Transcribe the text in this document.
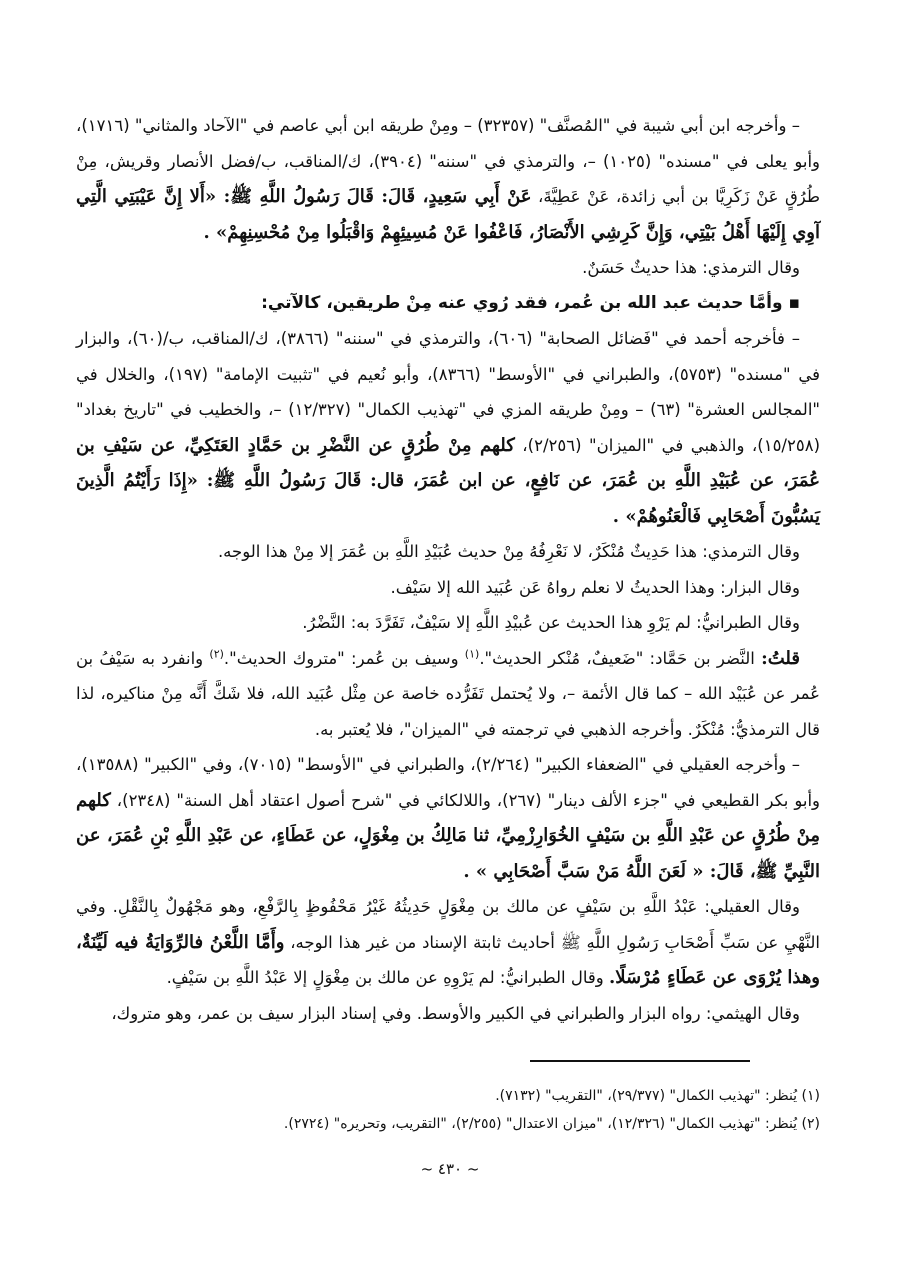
– وأخرجه ابن أبي شيبة في "المُصنَّف" (٣٢٣٥٧) – ومِنْ طريقه ابن أبي عاصم في "الآحاد والمثاني" (١٧١٦)، وأبو يعلى في "مسنده" (١٠٢٥) –، والترمذي في "سننه" (٣٩٠٤)، ك/المناقب، ب/فضل الأنصار وقريش، مِنْ طُرُقٍ عَنْ زَكَرِيَّا بن أبي زائدة، عَنْ عَطِيَّةَ، عَنْ أَبِي سَعِيدٍ، قَالَ: قَالَ رَسُولُ اللَّهِ ﷺ: «أَلا إِنَّ عَيْبَتِي الَّتِي آوِي إِلَيْهَا أَهْلُ بَيْتِي، وَإِنَّ كَرِشِي الأَنْصَارُ، فَاعْفُوا عَنْ مُسِيئِهِمْ وَاقْبَلُوا مِنْ مُحْسِنِهِمْ» .

وقال الترمذي: هذا حديثٌ حَسَنٌ.

▪ وأمَّا حديث عبد الله بن عُمر، فقد رُوي عنه مِنْ طريقين، كالآتي:

– فأخرجه أحمد في "فَضائل الصحابة" (٦٠٦)، والترمذي في "سننه" (٣٨٦٦)، ك/المناقب، ب/(٦٠)، والبزار في "مسنده" (٥٧٥٣)، والطبراني في "الأوسط" (٨٣٦٦)، وأبو نُعيم في "تثبيت الإمامة" (١٩٧)، والخلال في "المجالس العشرة" (٦٣) – ومِنْ طريقه المزي في "تهذيب الكمال" (١٢/٣٢٧) –، والخطيب في "تاريخ بغداد" (١٥/٢٥٨)، والذهبي في "الميزان" (٢/٢٥٦)، كلهم مِنْ طُرُقٍ عن النَّضْرِ بن حَمَّادٍ العَتَكِيِّ، عن سَيْفِ بن عُمَرَ، عن عُبَيْدِ اللَّهِ بن عُمَرَ، عن نَافِعٍ، عن ابن عُمَرَ، قال: قَالَ رَسُولُ اللَّهِ ﷺ: «إِذَا رَأَيْتُمُ الَّذِينَ يَسُبُّونَ أَصْحَابِي فَالْعَنُوهُمْ» .

وقال الترمذي: هذا حَدِيثٌ مُنْكَرٌ، لا نَعْرِفُهُ مِنْ حديث عُبَيْدِ اللَّهِ بن عُمَرَ إلا مِنْ هذا الوجه.

وقال البزار: وهذا الحديثُ لا نعلم رواهُ عَن عُبَيد الله إلا سَيْف.

وقال الطبرانيُّ: لم يَرْوِ هذا الحديث عن عُبيْدِ اللَّهِ إلا سَيْفٌ، تَفَرَّدَ به: النَّضْرُ.

قلتُ: النَّضر بن حَمَّاد: "ضَعيفٌ، مُنْكر الحديث".$^{(١)}$ وسيف بن عُمر: "متروك الحديث".$^{(٢)}$ وانفرد به سَيْفُ بن عُمر عن عُبَيْد الله – كما قال الأئمة –، ولا يُحتمل تَفَرُّده خاصة عن مِثْل عُبَيد الله، فلا شَكَّ أَنَّه مِنْ مناكيره، لذا قال الترمذيُّ: مُنْكَرٌ. وأخرجه الذهبي في ترجمته في "الميزان"، فلا يُعتبر به.

– وأخرجه العقيلي في "الضعفاء الكبير" (٢/٢٦٤)، والطبراني في "الأوسط" (٧٠١٥)، وفي "الكبير" (١٣٥٨٨)، وأبو بكر القطيعي في "جزء الألف دينار" (٢٦٧)، واللالكائي في "شرح أصول اعتقاد أهل السنة" (٢٣٤٨)، كلهم مِنْ طُرُقٍ عن عَبْدِ اللَّهِ بن سَيْفٍ الخُوَارِزْمِيِّ، ثنا مَالِكُ بن مِغْوَلٍ، عن عَطَاءٍ، عن عَبْدِ اللَّهِ بْنِ عُمَرَ، عن النَّبِيِّ ﷺ، قَالَ: « لَعَنَ اللَّهُ مَنْ سَبَّ أَصْحَابِي » .

وقال العقيلي: عَبْدُ اللَّهِ بن سَيْفٍ عن مالك بن مِغْوَلٍ حَدِيثُهُ غَيْرُ مَحْفُوظٍ بِالرَّفْعِ، وهو مَجْهُولٌ بِالنَّقْلِ. وفي النَّهْيِ عن سَبِّ أَصْحَابِ رَسُولِ اللَّهِ ﷺ أحاديث ثابتة الإسناد من غير هذا الوجه، وأَمَّا اللَّعْنُ فالرِّوَايَةُ فيه لَيِّنَةٌ، وهذا يُرْوَى عن عَطَاءٍ مُرْسَلًا. وقال الطبرانيُّ: لم يَرْوِهِ عن مالك بن مِغْوَلٍ إلا عَبْدُ اللَّهِ بن سَيْفٍ.

وقال الهيثمي: رواه البزار والطبراني في الكبير والأوسط. وفي إسناد البزار سيف بن عمر، وهو متروك،

(١) يُنظر: "تهذيب الكمال" (٢٩/٣٧٧)، "التقريب" (٧١٣٢).

(٢) يُنظر: "تهذيب الكمال" (١٢/٣٢٦)، "ميزان الاعتدال" (٢/٢٥٥)، "التقريب، وتحريره" (٢٧٢٤).

~ ٤٣٠ ~
